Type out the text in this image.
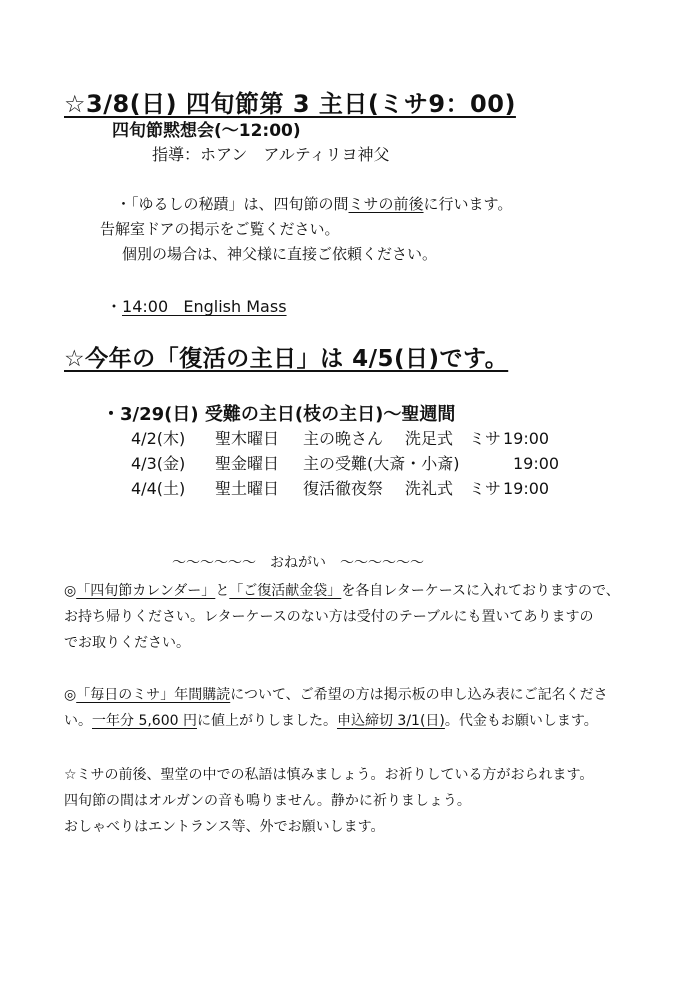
☆3/8(日) 四旬節第 3 主日(ミサ9：00)
四旬節黙想会(～12:00)
指導：ホアン　アルティリヨ神父
・「ゆるしの秘蹟」は、四旬節の間ミサの前後に行います。
告解室ドアの掲示をご覧ください。
個別の場合は、神父様に直接ご依頼ください。
・14:00   English Mass
☆今年の「復活の主日」は 4/5(日)です。
・3/29(日) 受難の主日(枝の主日)～聖週間
4/2(木) 聖木曜日 主の晩さん 洗足式 ミサ 19:00
4/3(金) 聖金曜日 主の受難(大斎・小斎)	19:00
4/4(土) 聖土曜日 復活徹夜祭 洗礼式 ミサ 19:00
～～～～～～　おねがい　～～～～～～
◎「四旬節カレンダー」と「ご復活献金袋」を各自レターケースに入れておりますので、
お持ち帰りください。レターケースのない方は受付のテーブルにも置いてありますの
でお取りください。
◎「毎日のミサ」年間購読について、ご希望の方は掲示板の申し込み表にご記名くださ
い。一年分 5,600 円に値上がりしました。申込締切 3/1(日)。代金もお願いします。
☆ミサの前後、聖堂の中での私語は慎みましょう。お祈りしている方がおられます。
四旬節の間はオルガンの音も鳴りません。静かに祈りましょう。
おしゃべりはエントランス等、外でお願いします。
